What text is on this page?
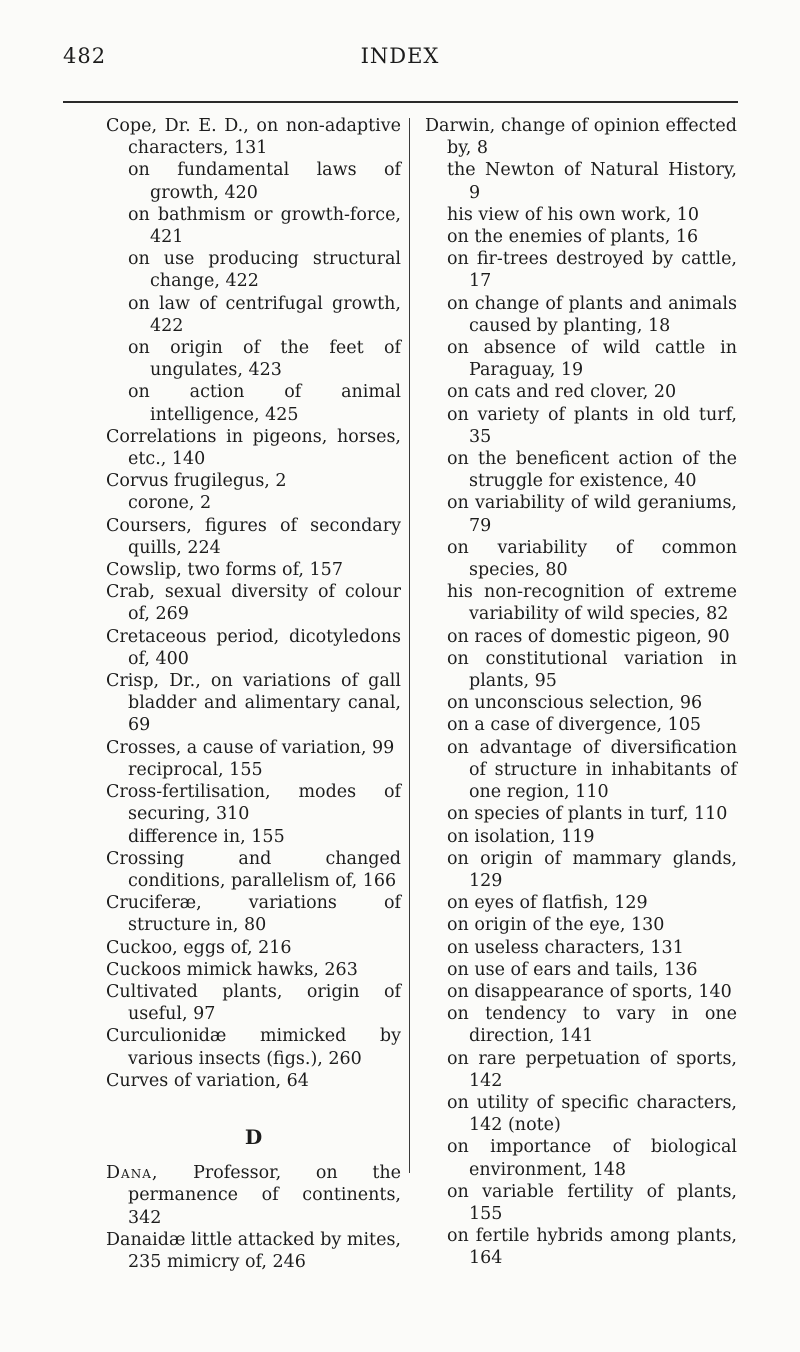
482	INDEX

Cope, Dr. E. D., on non-adaptive characters, 131

on fundamental laws of growth, 420

on bathmism or growth-force, 421

on use producing structural change, 422

on law of centrifugal growth, 422

on origin of the feet of ungulates, 423

on action of animal intelligence, 425

Correlations in pigeons, horses, etc., 140

Corvus frugilegus, 2

corone, 2

Coursers, figures of secondary quills, 224

Cowslip, two forms of, 157

Crab, sexual diversity of colour of, 269

Cretaceous period, dicotyledons of, 400

Crisp, Dr., on variations of gall bladder and alimentary canal, 69

Crosses, a cause of variation, 99

reciprocal, 155

Cross-fertilisation, modes of securing, 310

difference in, 155

Crossing and changed conditions, parallelism of, 166

Cruciferæ, variations of structure in, 80

Cuckoo, eggs of, 216

Cuckoos mimick hawks, 263

Cultivated plants, origin of useful, 97

Curculionidæ mimicked by various insects (figs.), 260

Curves of variation, 64

D

Dana, Professor, on the permanence of continents, 342

Danaidæ little attacked by mites, 235 mimicry of, 246

Darwin, change of opinion effected by, 8

the Newton of Natural History, 9

his view of his own work, 10

on the enemies of plants, 16

on fir-trees destroyed by cattle, 17

on change of plants and animals caused by planting, 18

on absence of wild cattle in Paraguay, 19

on cats and red clover, 20

on variety of plants in old turf, 35

on the beneficent action of the struggle for existence, 40

on variability of wild geraniums, 79

on variability of common species, 80

his non-recognition of extreme variability of wild species, 82

on races of domestic pigeon, 90

on constitutional variation in plants, 95

on unconscious selection, 96

on a case of divergence, 105

on advantage of diversification of structure in inhabitants of one region, 110

on species of plants in turf, 110

on isolation, 119

on origin of mammary glands, 129

on eyes of flatfish, 129

on origin of the eye, 130

on useless characters, 131

on use of ears and tails, 136

on disappearance of sports, 140

on tendency to vary in one direction, 141

on rare perpetuation of sports, 142

on utility of specific characters, 142 (note)

on importance of biological environment, 148

on variable fertility of plants, 155

on fertile hybrids among plants, 164
